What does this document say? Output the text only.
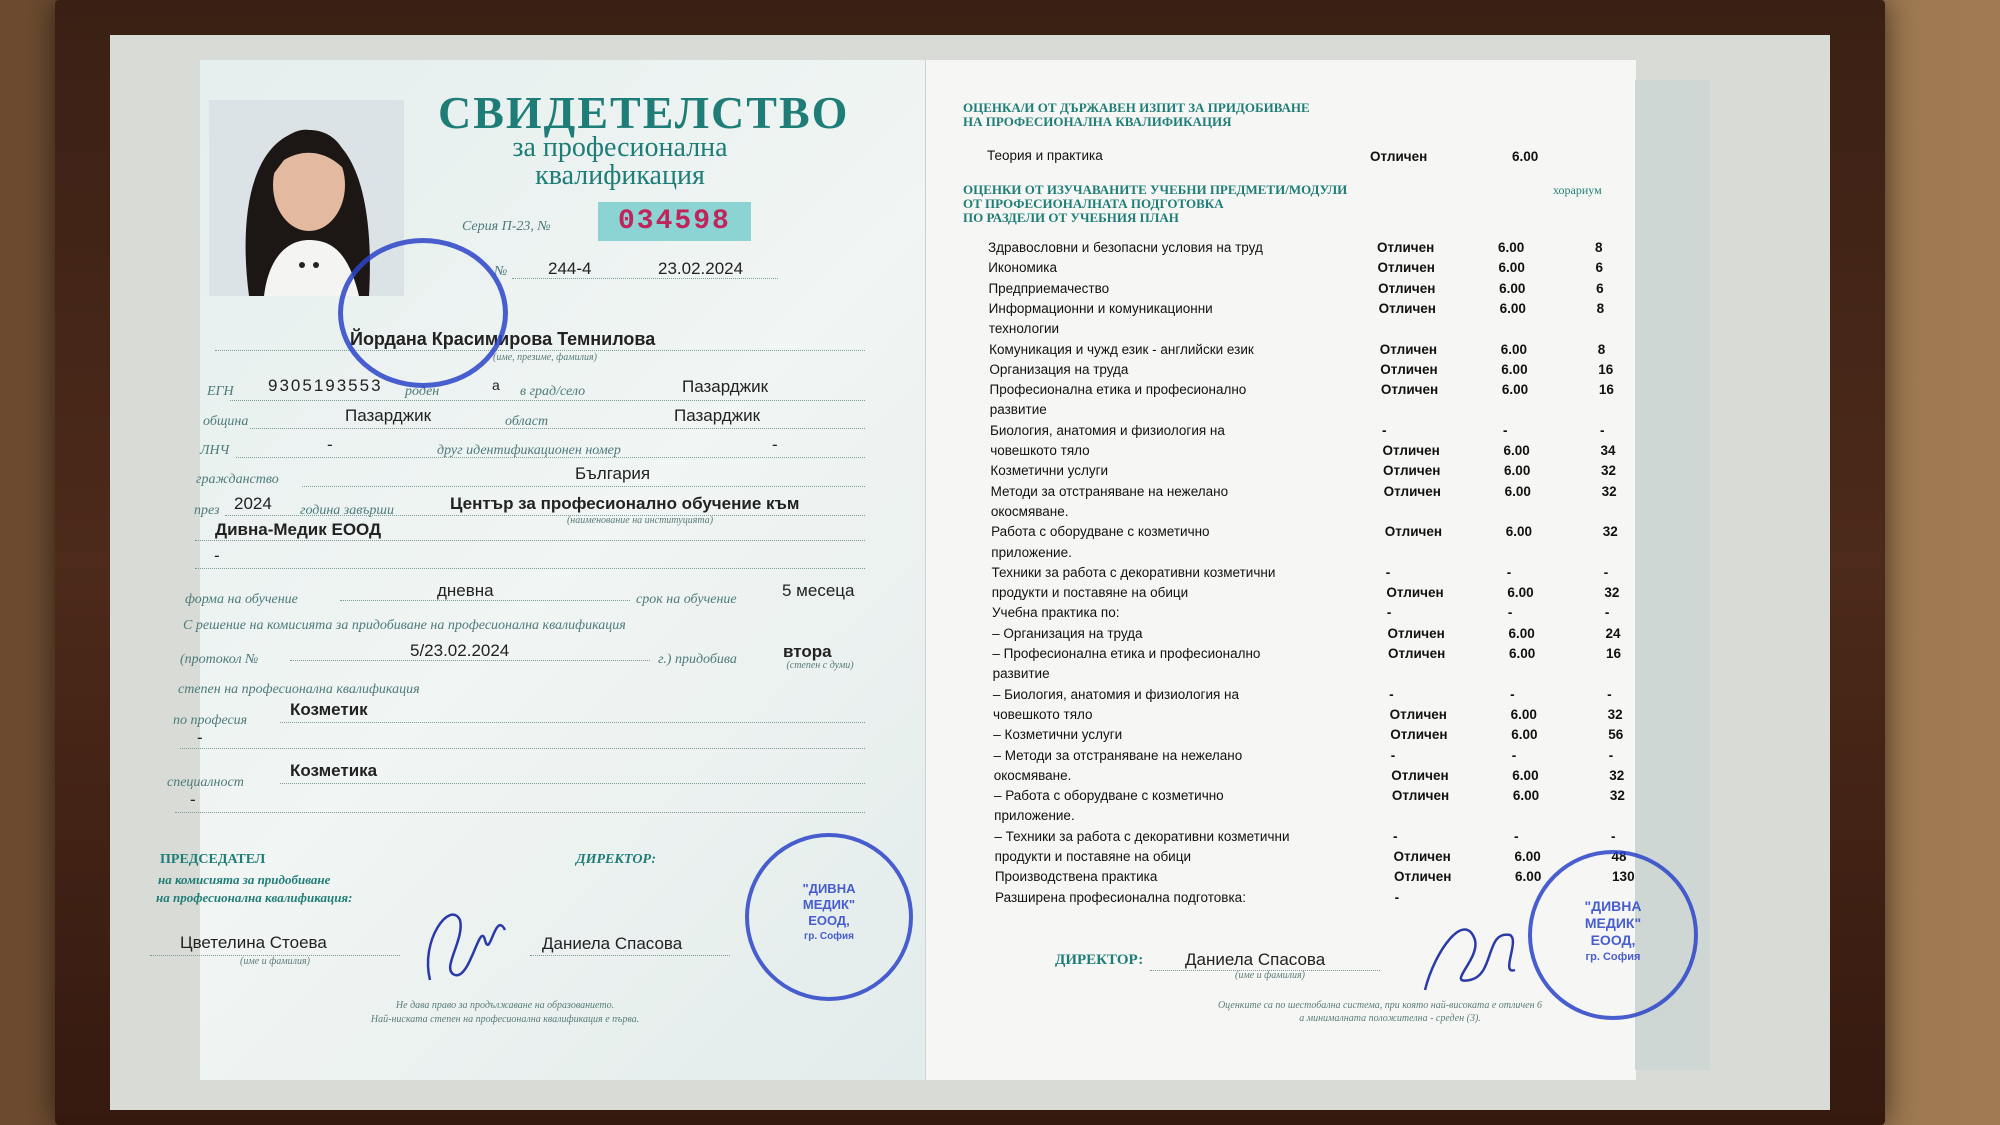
СВИДЕТЕЛСТВО
за професионална
квалификация
Серия П-23, №	034598
№ 244-4	23.02.2024
Йордана Красимирова Темнилова
(име, презиме, фамилия)
ЕГН 9305193553 роден	а в град/село	Пазарджик
община	Пазарджик	област	Пазарджик
ЛНЧ	-	друг идентификационен номер	-
гражданство	България
през 2024 година завърши	Център за професионално обучение към
(наименование на институцията)
Дивна-Медик ЕООД
-
форма на обучение	дневна	срок на обучение	5 месеца
С решение на комисията за придобиване на професионална квалификация
(протокол №	5/23.02.2024	г.) придобива	втора
(степен с думи)
степен на професионална квалификация
по професия
Козметик
-
специалност
Козметика
-
ПРЕДСЕДАТЕЛ
на комисията за придобиване
на професионална квалификация:
ДИРЕКТОР:
Цветелина Стоева
(име и фамилия)
Даниела Спасова
Не дава право за продължаване на образованието.
Най-ниската степен на професионална квалификация е първа.
"ДИВНА
МЕДИК"
ЕООД,
гр. София
ОЦЕНКА/И ОТ ДЪРЖАВЕН ИЗПИТ ЗА ПРИДОБИВАНЕ
НА ПРОФЕСИОНАЛНА КВАЛИФИКАЦИЯ
Теория и практика	Отличен	6.00
ОЦЕНКИ ОТ ИЗУЧАВАНИТЕ УЧЕБНИ ПРЕДМЕТИ/МОДУЛИ
ОТ ПРОФЕСИОНАЛНАТА ПОДГОТОВКА
ПО РАЗДЕЛИ ОТ УЧЕБНИЯ ПЛАН
хорариум
Здравословни и безопасни условия на труд	Отличен	6.00	8
Икономика	Отличен	6.00	6
Предприемачество	Отличен	6.00	6
Информационни и комуникационни	Отличен	6.00	8
технологии
Комуникация и чужд език - английски език	Отличен	6.00	8
Организация на труда	Отличен	6.00	16
Професионална етика и професионално	Отличен	6.00	16
развитие
Биология, анатомия и физиология на	-	-	-
човешкото тяло	Отличен	6.00	34
Козметични услуги	Отличен	6.00	32
Методи за отстраняване на нежелано	Отличен	6.00	32
окосмяване.
Работа с оборудване с козметично	Отличен	6.00	32
приложение.
Техники за работа с декоративни козметични	-	-	-
продукти и поставяне на обици	Отличен	6.00	32
Учебна практика по:	-	-	-
– Организация на труда	Отличен	6.00	24
– Професионална етика и професионално	Отличен	6.00	16
развитие
– Биология, анатомия и физиология на	-	-	-
човешкото тяло	Отличен	6.00	32
– Козметични услуги	Отличен	6.00	56
– Методи за отстраняване на нежелано	-	-	-
окосмяване.	Отличен	6.00	32
– Работа с оборудване с козметично	Отличен	6.00	32
приложение.
– Техники за работа с декоративни козметични	-	-	-
продукти и поставяне на обици	Отличен	6.00	48
Производствена практика	Отличен	6.00	130
Разширена професионална подготовка:	-
ДИРЕКТОР: Даниела Спасова
(име и фамилия)
"ДИВНА
МЕДИК"
ЕООД,
гр. София
Оценките са по шестобална система, при която най-високата е отличен 6
а минималната положителна - среден (3).
